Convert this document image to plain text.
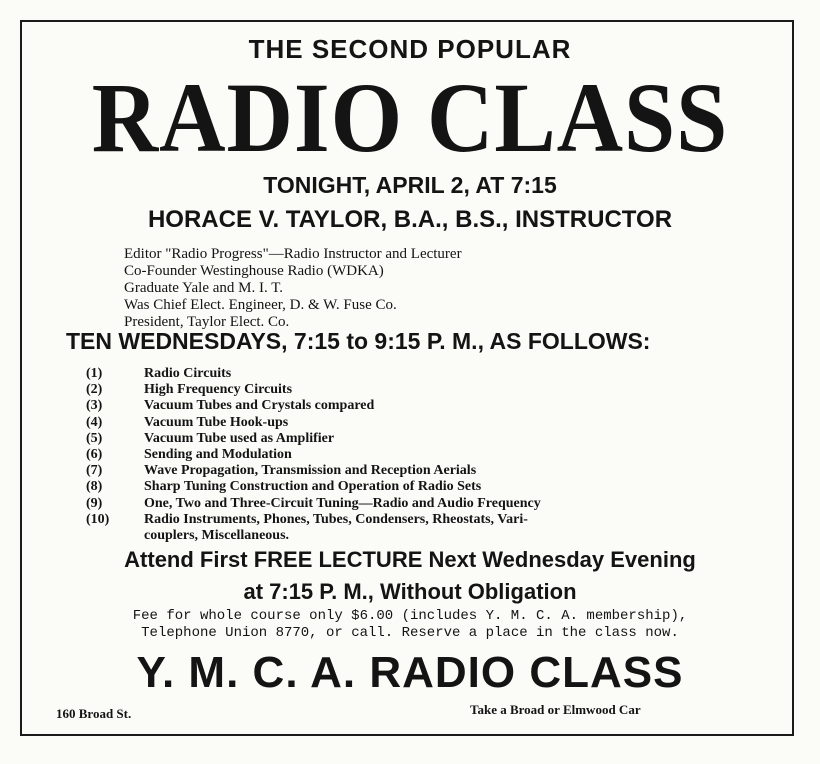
THE SECOND POPULAR
RADIO CLASS
TONIGHT, APRIL 2, AT 7:15
HORACE V. TAYLOR, B.A., B.S., INSTRUCTOR
Editor "Radio Progress"—Radio Instructor and Lecturer
Co-Founder Westinghouse Radio (WDKA)
Graduate Yale and M. I. T.
Was Chief Elect. Engineer, D. & W. Fuse Co.
President, Taylor Elect. Co.
TEN WEDNESDAYS, 7:15 to 9:15 P. M., AS FOLLOWS:
(1)	Radio Circuits
(2)	High Frequency Circuits
(3)	Vacuum Tubes and Crystals compared
(4)	Vacuum Tube Hook-ups
(5)	Vacuum Tube used as Amplifier
(6)	Sending and Modulation
(7)	Wave Propagation, Transmission and Reception Aerials
(8)	Sharp Tuning Construction and Operation of Radio Sets
(9)	One, Two and Three-Circuit Tuning—Radio and Audio Frequency
(10)	Radio Instruments, Phones, Tubes, Condensers, Rheostats, Vari-
couplers, Miscellaneous.
Attend First FREE LECTURE Next Wednesday Evening
at 7:15 P. M., Without Obligation
Fee for whole course only $6.00 (includes Y. M. C. A. membership),
Telephone Union 8770, or call. Reserve a place in the class now.
Y. M. C. A. RADIO CLASS
160 Broad St.	Take a Broad or Elmwood Car
